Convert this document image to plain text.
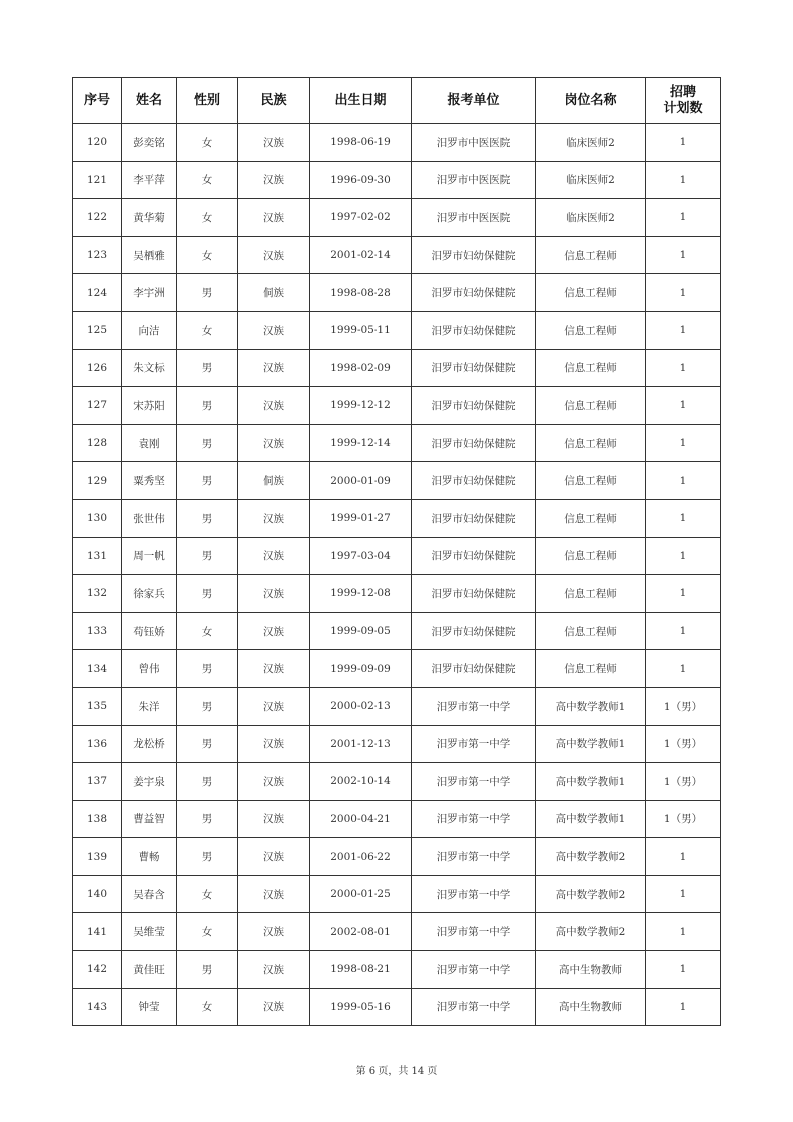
序号	姓名	性别	民族	出生日期	报考单位	岗位名称	招聘
计划数

120	彭奕铭	女	汉族	1998-06-19	汨罗市中医医院	临床医师2	1
121	李平萍	女	汉族	1996-09-30	汨罗市中医医院	临床医师2	1
122	黄华菊	女	汉族	1997-02-02	汨罗市中医医院	临床医师2	1
123	吴栖雅	女	汉族	2001-02-14	汨罗市妇幼保健院	信息工程师	1
124	李宇洲	男	侗族	1998-08-28	汨罗市妇幼保健院	信息工程师	1
125	向洁	女	汉族	1999-05-11	汨罗市妇幼保健院	信息工程师	1
126	朱文标	男	汉族	1998-02-09	汨罗市妇幼保健院	信息工程师	1
127	宋苏阳	男	汉族	1999-12-12	汨罗市妇幼保健院	信息工程师	1
128	袁刚	男	汉族	1999-12-14	汨罗市妇幼保健院	信息工程师	1
129	粟秀坚	男	侗族	2000-01-09	汨罗市妇幼保健院	信息工程师	1
130	张世伟	男	汉族	1999-01-27	汨罗市妇幼保健院	信息工程师	1
131	周一帆	男	汉族	1997-03-04	汨罗市妇幼保健院	信息工程师	1
132	徐家兵	男	汉族	1999-12-08	汨罗市妇幼保健院	信息工程师	1
133	苟钰娇	女	汉族	1999-09-05	汨罗市妇幼保健院	信息工程师	1
134	曾伟	男	汉族	1999-09-09	汨罗市妇幼保健院	信息工程师	1
135	朱洋	男	汉族	2000-02-13	汨罗市第一中学	高中数学教师1	1（男）
136	龙松桥	男	汉族	2001-12-13	汨罗市第一中学	高中数学教师1	1（男）
137	姜宇泉	男	汉族	2002-10-14	汨罗市第一中学	高中数学教师1	1（男）
138	曹益智	男	汉族	2000-04-21	汨罗市第一中学	高中数学教师1	1（男）
139	曹畅	男	汉族	2001-06-22	汨罗市第一中学	高中数学教师2	1
140	吴春含	女	汉族	2000-01-25	汨罗市第一中学	高中数学教师2	1
141	吴维莹	女	汉族	2002-08-01	汨罗市第一中学	高中数学教师2	1
142	黄佳旺	男	汉族	1998-08-21	汨罗市第一中学	高中生物教师	1
143	钟莹	女	汉族	1999-05-16	汨罗市第一中学	高中生物教师	1
第 6 页，共 14 页
